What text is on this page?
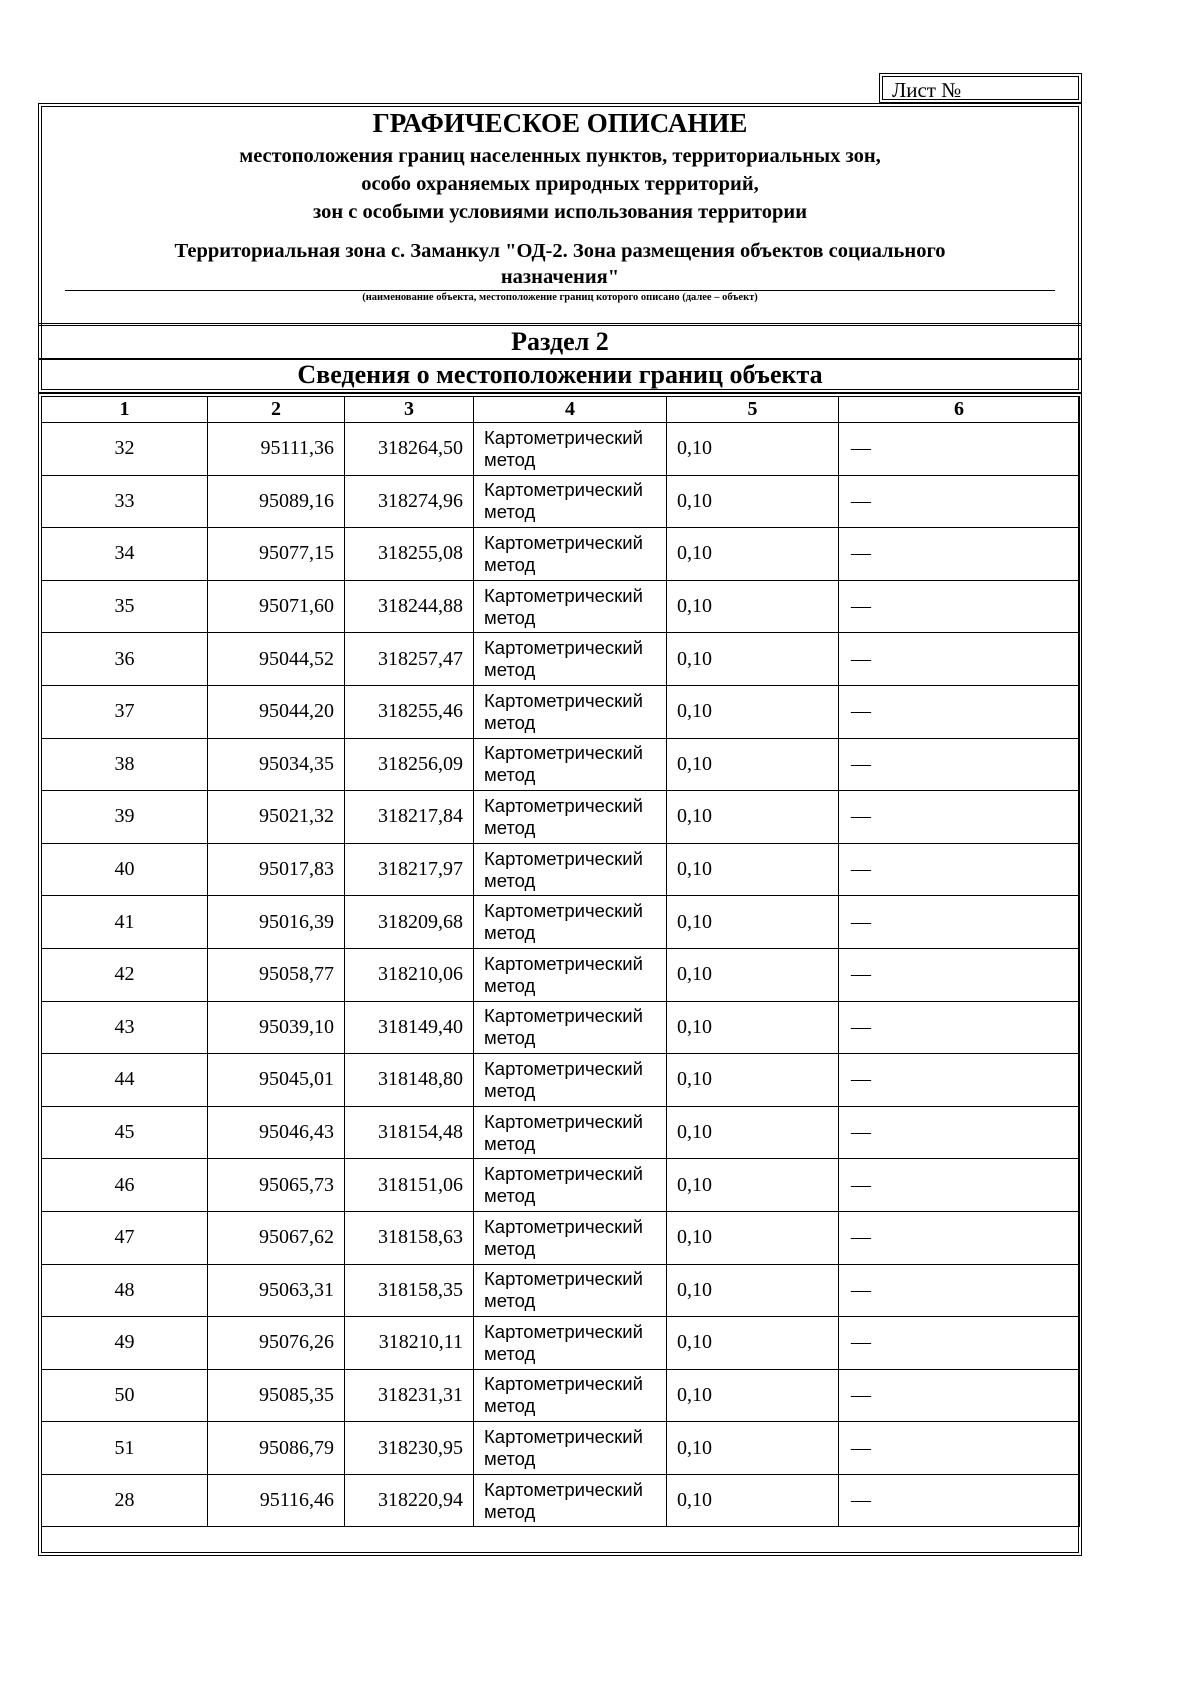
Лист №
ГРАФИЧЕСКОЕ ОПИСАНИЕ
местоположения границ населенных пунктов, территориальных зон,
особо охраняемых природных территорий,
зон с особыми условиями использования территории
Территориальная зона с. Заманкул "ОД-2. Зона размещения объектов социального
назначения"
(наименование объекта, местоположение границ которого описано (далее – объект)
Раздел 2
Сведения о местоположении границ объекта
1	2	3	4	5	6
32	95111,36	318264,50	Картометрический метод	0,10	—
33	95089,16	318274,96	Картометрический метод	0,10	—
34	95077,15	318255,08	Картометрический метод	0,10	—
35	95071,60	318244,88	Картометрический метод	0,10	—
36	95044,52	318257,47	Картометрический метод	0,10	—
37	95044,20	318255,46	Картометрический метод	0,10	—
38	95034,35	318256,09	Картометрический метод	0,10	—
39	95021,32	318217,84	Картометрический метод	0,10	—
40	95017,83	318217,97	Картометрический метод	0,10	—
41	95016,39	318209,68	Картометрический метод	0,10	—
42	95058,77	318210,06	Картометрический метод	0,10	—
43	95039,10	318149,40	Картометрический метод	0,10	—
44	95045,01	318148,80	Картометрический метод	0,10	—
45	95046,43	318154,48	Картометрический метод	0,10	—
46	95065,73	318151,06	Картометрический метод	0,10	—
47	95067,62	318158,63	Картометрический метод	0,10	—
48	95063,31	318158,35	Картометрический метод	0,10	—
49	95076,26	318210,11	Картометрический метод	0,10	—
50	95085,35	318231,31	Картометрический метод	0,10	—
51	95086,79	318230,95	Картометрический метод	0,10	—
28	95116,46	318220,94	Картометрический метод	0,10	—
